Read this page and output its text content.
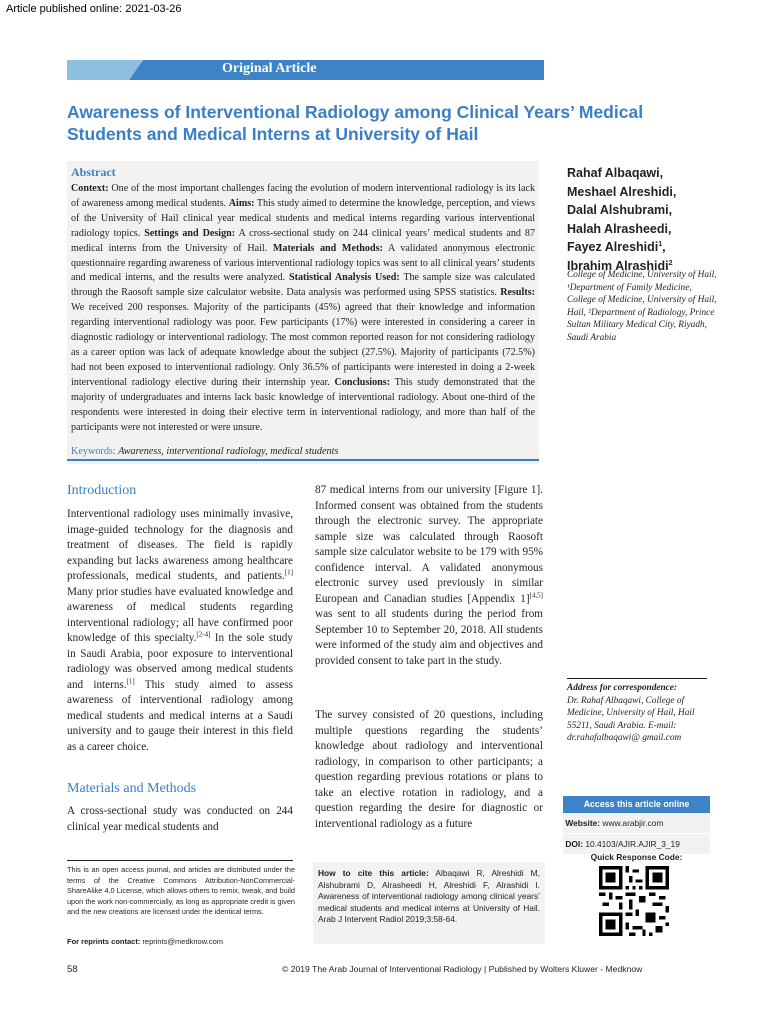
Article published online: 2021-03-26
Original Article
Awareness of Interventional Radiology among Clinical Years’ Medical Students and Medical Interns at University of Hail
Abstract
Context: One of the most important challenges facing the evolution of modern interventional radiology is its lack of awareness among medical students. Aims: This study aimed to determine the knowledge, perception, and views of the University of Hail clinical year medical students and medical interns regarding various interventional radiology topics. Settings and Design: A cross-sectional study on 244 clinical years’ medical students and 87 medical interns from the University of Hail. Materials and Methods: A validated anonymous electronic questionnaire regarding awareness of various interventional radiology topics was sent to all clinical years’ students and medical interns, and the results were analyzed. Statistical Analysis Used: The sample size was calculated through the Raosoft sample size calculator website. Data analysis was performed using SPSS statistics. Results: We received 200 responses. Majority of the participants (45%) agreed that their knowledge and information regarding interventional radiology was poor. Few participants (17%) were interested in considering a career in diagnostic radiology or interventional radiology. The most common reported reason for not considering radiology as a career option was lack of adequate knowledge about the subject (27.5%). Majority of participants (72.5%) had not been exposed to interventional radiology. Only 36.5% of participants were interested in doing a 2-week interventional radiology elective during their internship year. Conclusions: This study demonstrated that the majority of undergraduates and interns lack basic knowledge of interventional radiology. About one-third of the respondents were interested in doing their elective term in interventional radiology, and more than half of the participants were not interested or were unsure.
Keywords: Awareness, interventional radiology, medical students
Rahaf Albaqawi,
Meshael Alreshidi,
Dalal Alshubrami,
Halah Alrasheedi,
Fayez Alreshidi$^1$,
Ibrahim Alrashidi$^2$
College of Medicine, University of Hail, ¹Department of Family Medicine, College of Medicine, University of Hail, Hail, ²Department of Radiology, Prince Sultan Military Medical City, Riyadh, Saudi Arabia
Introduction
Interventional radiology uses minimally invasive, image-guided technology for the diagnosis and treatment of diseases. The field is rapidly expanding but lacks awareness among healthcare professionals, medical students, and patients.[1] Many prior studies have evaluated knowledge and awareness of medical students regarding interventional radiology; all have confirmed poor knowledge of this specialty.[2-4] In the sole study in Saudi Arabia, poor exposure to interventional radiology was observed among medical students and interns.[1] This study aimed to assess awareness of interventional radiology among medical students and medical interns at a Saudi university and to gauge their interest in this field as a career choice.
Materials and Methods
A cross-sectional study was conducted on 244 clinical year medical students and
87 medical interns from our university [Figure 1]. Informed consent was obtained from the students through the electronic survey. The appropriate sample size was calculated through Raosoft sample size calculator website to be 179 with 95% confidence interval. A validated anonymous electronic survey used previously in similar European and Canadian studies [Appendix 1][4,5] was sent to all students during the period from September 10 to September 20, 2018. All students were informed of the study aim and objectives and provided consent to take part in the study.
The survey consisted of 20 questions, including multiple questions regarding the students’ knowledge about radiology and interventional radiology, in comparison to other participants; a question regarding previous rotations or plans to take an elective rotation in radiology, and a question regarding the desire for diagnostic or interventional radiology as a future
This is an open access journal, and articles are distributed under the terms of the Creative Commons Attribution-NonCommercial-ShareAlike 4.0 License, which allows others to remix, tweak, and build upon the work non-commercially, as long as appropriate credit is given and the new creations are licensed under the identical terms.
For reprints contact: reprints@medknow.com
How to cite this article: Albaqawi R, Alreshidi M, Alshubrami D, Alrasheedi H, Alreshidi F, Alrashidi I. Awareness of interventional radiology among clinical years’ medical students and medical interns at University of Hail. Arab J Intervent Radiol 2019;3:58-64.
Address for correspondence:
Dr. Rahaf Albaqawi, College of Medicine, University of Hail, Hail 55211, Saudi Arabia. E-mail: dr.rahafalbaqawi@ gmail.com
Access this article online
Website: www.arabjir.com
DOI: 10.4103/AJIR.AJIR_3_19
Quick Response Code:
58	© 2019 The Arab Journal of Interventional Radiology | Published by Wolters Kluwer - Medknow
